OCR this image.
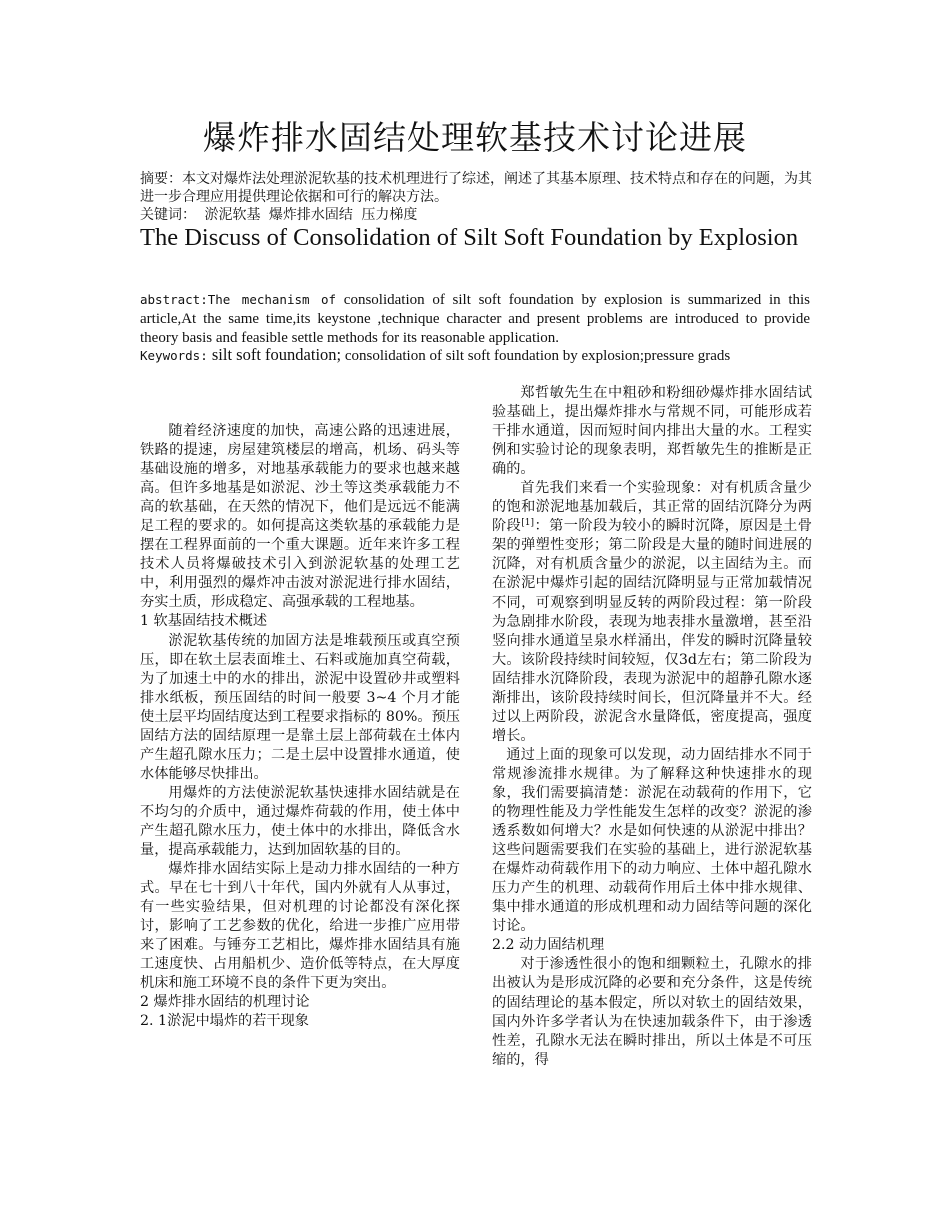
爆炸排水固结处理软基技术讨论进展

摘要：本文对爆炸法处理淤泥软基的技术机理进行了综述，阐述了其基本原理、技术特点和存在的问题，为其进一步合理应用提供理论依据和可行的解决方法。

关键词： 淤泥软基 爆炸排水固结 压力梯度
The Discuss of Consolidation of Silt Soft Foundation by Explosion

abstract:The mechanism of consolidation of silt soft foundation by explosion is summarized in this article,At the same time,its keystone ,technique character and present problems are introduced to provide theory basis and feasible settle methods for its reasonable application.

Keywords: silt soft foundation; consolidation of silt soft foundation by explosion;pressure grads

随着经济速度的加快，高速公路的迅速进展，铁路的提速，房屋建筑楼层的增高，机场、码头等基础设施的增多，对地基承载能力的要求也越来越高。但许多地基是如淤泥、沙土等这类承载能力不高的软基础，在天然的情况下，他们是远远不能满足工程的要求的。如何提高这类软基的承载能力是摆在工程界面前的一个重大课题。近年来许多工程技术人员将爆破技术引入到淤泥软基的处理工艺中，利用强烈的爆炸冲击波对淤泥进行排水固结，夯实土质，形成稳定、高强承载的工程地基。

1 软基固结技术概述

淤泥软基传统的加固方法是堆载预压或真空预压，即在软土层表面堆土、石料或施加真空荷载，为了加速土中的水的排出，淤泥中设置砂井或塑料排水纸板，预压固结的时间一般要 3~4 个月才能使土层平均固结度达到工程要求指标的 80%。预压固结方法的固结原理一是靠土层上部荷载在土体内产生超孔隙水压力；二是土层中设置排水通道，使水体能够尽快排出。

用爆炸的方法使淤泥软基快速排水固结就是在不均匀的介质中，通过爆炸荷载的作用，使土体中产生超孔隙水压力，使土体中的水排出，降低含水量，提高承载能力，达到加固软基的目的。

爆炸排水固结实际上是动力排水固结的一种方式。早在七十到八十年代，国内外就有人从事过，有一些实验结果，但对机理的讨论都没有深化探讨，影响了工艺参数的优化，给进一步推广应用带来了困难。与锤夯工艺相比，爆炸排水固结具有施工速度快、占用船机少、造价低等特点，在大厚度机床和施工环境不良的条件下更为突出。

2 爆炸排水固结的机理讨论

2. 1淤泥中塌炸的若干现象

郑哲敏先生在中粗砂和粉细砂爆炸排水固结试验基础上，提出爆炸排水与常规不同，可能形成若干排水通道，因而短时间内排出大量的水。工程实例和实验讨论的现象表明，郑哲敏先生的推断是正确的。

首先我们来看一个实验现象：对有机质含量少的饱和淤泥地基加载后，其正常的固结沉降分为两阶段[1]：第一阶段为较小的瞬时沉降，原因是土骨架的弹塑性变形；第二阶段是大量的随时间进展的沉降，对有机质含量少的淤泥，以主固结为主。而在淤泥中爆炸引起的固结沉降明显与正常加载情况不同，可观察到明显反转的两阶段过程：第一阶段为急剧排水阶段，表现为地表排水量激增，甚至沿竖向排水通道呈泉水样涌出，伴发的瞬时沉降量较大。该阶段持续时间较短，仅3d左右；第二阶段为固结排水沉降阶段，表现为淤泥中的超静孔隙水逐渐排出，该阶段持续时间长，但沉降量并不大。经过以上两阶段，淤泥含水量降低，密度提高，强度增长。

通过上面的现象可以发现，动力固结排水不同于常规渗流排水规律。为了解释这种快速排水的现象，我们需要搞清楚：淤泥在动载荷的作用下，它的物理性能及力学性能发生怎样的改变？淤泥的渗透系数如何增大？水是如何快速的从淤泥中排出？这些问题需要我们在实验的基础上，进行淤泥软基在爆炸动荷载作用下的动力响应、土体中超孔隙水压力产生的机理、动载荷作用后土体中排水规律、集中排水通道的形成机理和动力固结等问题的深化讨论。

2.2 动力固结机理

对于渗透性很小的饱和细颗粒土，孔隙水的排出被认为是形成沉降的必要和充分条件，这是传统的固结理论的基本假定，所以对软土的固结效果，国内外许多学者认为在快速加载条件下，由于渗透性差，孔隙水无法在瞬时排出，所以土体是不可压缩的，得
